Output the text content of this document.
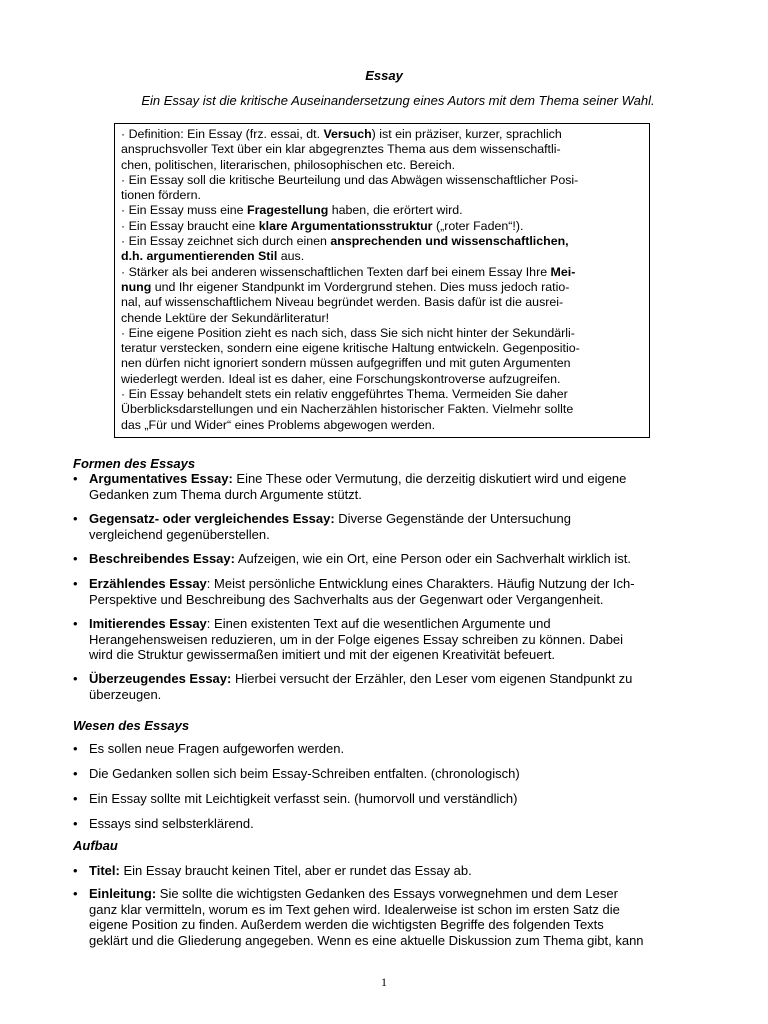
Essay
Ein Essay ist die kritische Auseinandersetzung eines Autors mit dem Thema seiner Wahl.

· Definition: Ein Essay (frz. essai, dt. Versuch) ist ein präziser, kurzer, sprachlich

anspruchsvoller Text über ein klar abgegrenztes Thema aus dem wissenschaftli-

chen, politischen, literarischen, philosophischen etc. Bereich.

· Ein Essay soll die kritische Beurteilung und das Abwägen wissenschaftlicher Posi-

tionen fördern.

· Ein Essay muss eine Fragestellung haben, die erörtert wird.

· Ein Essay braucht eine klare Argumentationsstruktur („roter Faden“!).

· Ein Essay zeichnet sich durch einen ansprechenden und wissenschaftlichen,

d.h. argumentierenden Stil aus.

· Stärker als bei anderen wissenschaftlichen Texten darf bei einem Essay Ihre Mei-

nung und Ihr eigener Standpunkt im Vordergrund stehen. Dies muss jedoch ratio-

nal, auf wissenschaftlichem Niveau begründet werden. Basis dafür ist die ausrei-

chende Lektüre der Sekundärliteratur!

· Eine eigene Position zieht es nach sich, dass Sie sich nicht hinter der Sekundärli-

teratur verstecken, sondern eine eigene kritische Haltung entwickeln. Gegenpositio-

nen dürfen nicht ignoriert sondern müssen aufgegriffen und mit guten Argumenten

wiederlegt werden. Ideal ist es daher, eine Forschungskontroverse aufzugreifen.

· Ein Essay behandelt stets ein relativ enggeführtes Thema. Vermeiden Sie daher

Überblicksdarstellungen und ein Nacherzählen historischer Fakten. Vielmehr sollte

das „Für und Wider“ eines Problems abgewogen werden.

Formen des Essays
• Argumentatives Essay: Eine These oder Vermutung, die derzeitig diskutiert wird und eigene
Gedanken zum Thema durch Argumente stützt.
• Gegensatz- oder vergleichendes Essay: Diverse Gegenstände der Untersuchung
vergleichend gegenüberstellen.
• Beschreibendes Essay: Aufzeigen, wie ein Ort, eine Person oder ein Sachverhalt wirklich ist.
• Erzählendes Essay: Meist persönliche Entwicklung eines Charakters. Häufig Nutzung der Ich-
Perspektive und Beschreibung des Sachverhalts aus der Gegenwart oder Vergangenheit.
• Imitierendes Essay: Einen existenten Text auf die wesentlichen Argumente und
Herangehensweisen reduzieren, um in der Folge eigenes Essay schreiben zu können. Dabei
wird die Struktur gewissermaßen imitiert und mit der eigenen Kreativität befeuert.
• Überzeugendes Essay: Hierbei versucht der Erzähler, den Leser vom eigenen Standpunkt zu
überzeugen.
Wesen des Essays
• Es sollen neue Fragen aufgeworfen werden.
• Die Gedanken sollen sich beim Essay-Schreiben entfalten. (chronologisch)
• Ein Essay sollte mit Leichtigkeit verfasst sein. (humorvoll und verständlich)
• Essays sind selbsterklärend.
Aufbau
• Titel: Ein Essay braucht keinen Titel, aber er rundet das Essay ab.
• Einleitung: Sie sollte die wichtigsten Gedanken des Essays vorwegnehmen und dem Leser
ganz klar vermitteln, worum es im Text gehen wird. Idealerweise ist schon im ersten Satz die
eigene Position zu finden. Außerdem werden die wichtigsten Begriffe des folgenden Texts
geklärt und die Gliederung angegeben. Wenn es eine aktuelle Diskussion zum Thema gibt, kann
1
